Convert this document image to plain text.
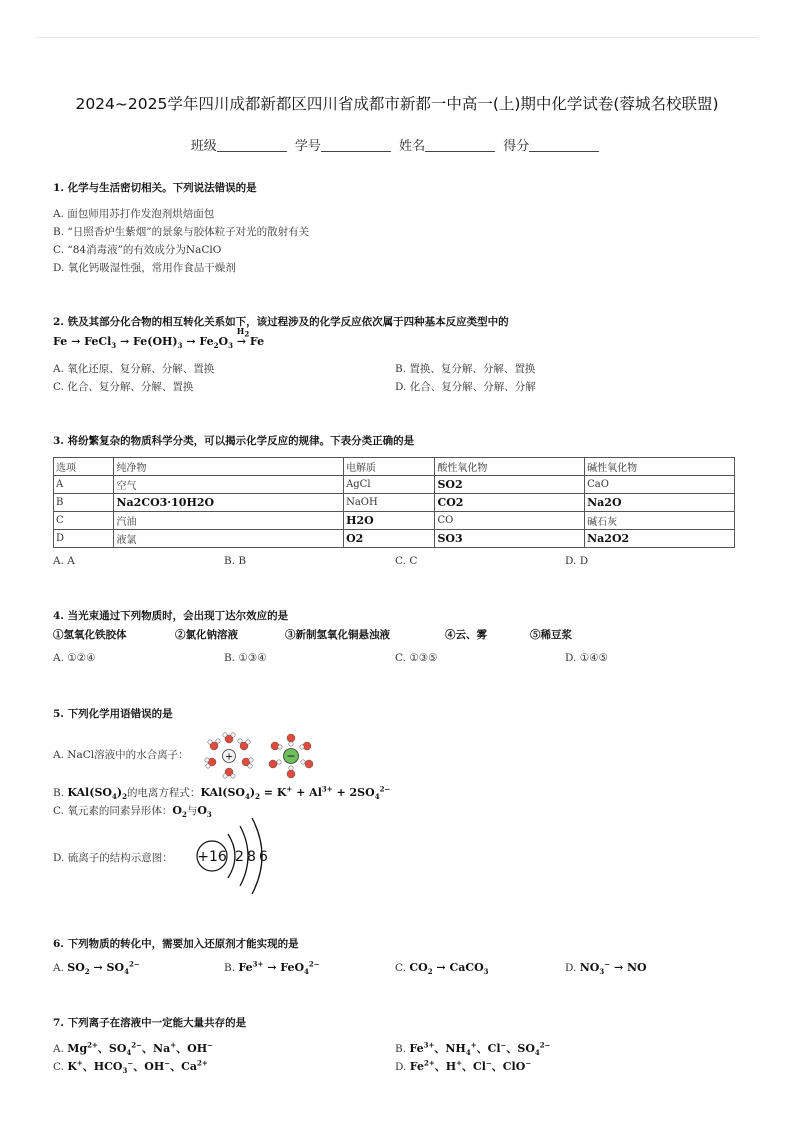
2024~2025学年四川成都新都区四川省成都市新都一中高一(上)期中化学试卷(蓉城名校联盟)
班级	学号	姓名	得分
1. 化学与生活密切相关。下列说法错误的是
A. 面包师用苏打作发泡剂烘焙面包
B. “日照香炉生紫烟”的景象与胶体粒子对光的散射有关
C. “84消毒液”的有效成分为NaClO
D. 氧化钙吸湿性强，常用作食品干燥剂
2. 铁及其部分化合物的相互转化关系如下，该过程涉及的化学反应依次属于四种基本反应类型中的
Fe → FeCl$_3$ → $Fe(OH)_3 \to Fe_2O_3$
$H_2$
→ Fe
A. 氧化还原、复分解、分解、置换	B. 置换、复分解、分解、置换
C. 化合、复分解、分解、置换	D. 化合、复分解、分解、分解
3. 将纷繁复杂的物质科学分类，可以揭示化学反应的规律。下表分类正确的是
选项	纯净物	电解质	酸性氧化物	碱性氧化物
A	空气	AgCl	SO2	CaO
B	Na2CO3·10H2O	NaOH	CO2	Na2O
C	汽油	H2O	CO	碱石灰
D	液氯	O2	SO3	Na2O2
A. A	B. B	C. C	D. D
4. 当光束通过下列物质时，会出现丁达尔效应的是
①氢氧化铁胶体	②氯化钠溶液	③新制氢氧化铜悬浊液	④云、雾	⑤稀豆浆
A. ①②④	B. ①③④	C. ①③⑤	D. ①④⑤
5. 下列化学用语错误的是
A. NaCl溶液中的水合离子：	+	−
B. $KAl(SO_4)_2$的电离方程式：$KAl(SO_4)_2 = K^+ + Al^{3+} + 2SO_4^{2-}$
C. 氧元素的同素异形体：$O_2$与$O_3$
D. 硫离子的结构示意图： +16 2 8 6
6. 下列物质的转化中，需要加入还原剂才能实现的是
A. $SO_2 \to SO_4^{2-}$	B. $Fe^{3+} \to FeO_4^{2-}$	C. $CO_2$ → CaCO$_3$	D. $NO_3^-$ → NO
7. 下列离子在溶液中一定能大量共存的是
A. $Mg^{2+}$、$SO_4^{2-}$、Na+、OH−	B. $Fe^{3+}$、$NH_4^+$、Cl−、$SO_4^{2-}$
C. K+、$HCO_3^-$、OH−、$Ca^{2+}$	D. $Fe^{2+}$、H+、Cl−、ClO−
